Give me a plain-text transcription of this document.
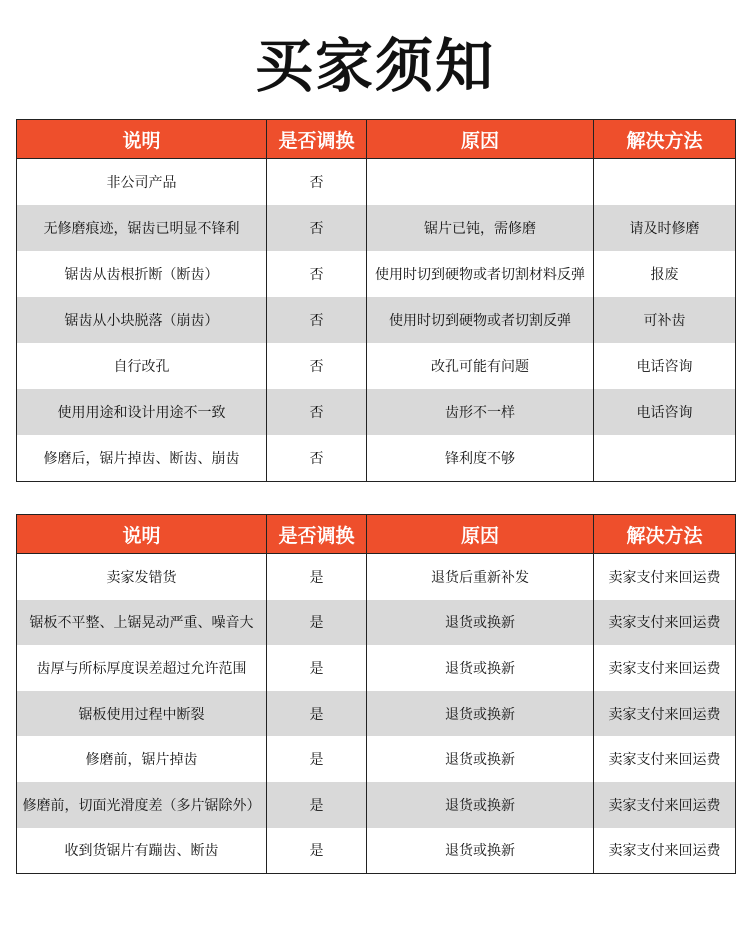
买家须知
说明	是否调换	原因	解决方法
非公司产品	否		
无修磨痕迹，锯齿已明显不锋利	否	锯片已钝，需修磨	请及时修磨
锯齿从齿根折断（断齿）	否	使用时切到硬物或者切割材料反弹	报废
锯齿从小块脱落（崩齿）	否	使用时切到硬物或者切割反弹	可补齿
自行改孔	否	改孔可能有问题	电话咨询
使用用途和设计用途不一致	否	齿形不一样	电话咨询
修磨后，锯片掉齿、断齿、崩齿	否	锋利度不够	
说明	是否调换	原因	解决方法
卖家发错货	是	退货后重新补发	卖家支付来回运费
锯板不平整、上锯晃动严重、噪音大	是	退货或换新	卖家支付来回运费
齿厚与所标厚度误差超过允许范围	是	退货或换新	卖家支付来回运费
锯板使用过程中断裂	是	退货或换新	卖家支付来回运费
修磨前，锯片掉齿	是	退货或换新	卖家支付来回运费
修磨前，切面光滑度差（多片锯除外）	是	退货或换新	卖家支付来回运费
收到货锯片有蹦齿、断齿	是	退货或换新	卖家支付来回运费
